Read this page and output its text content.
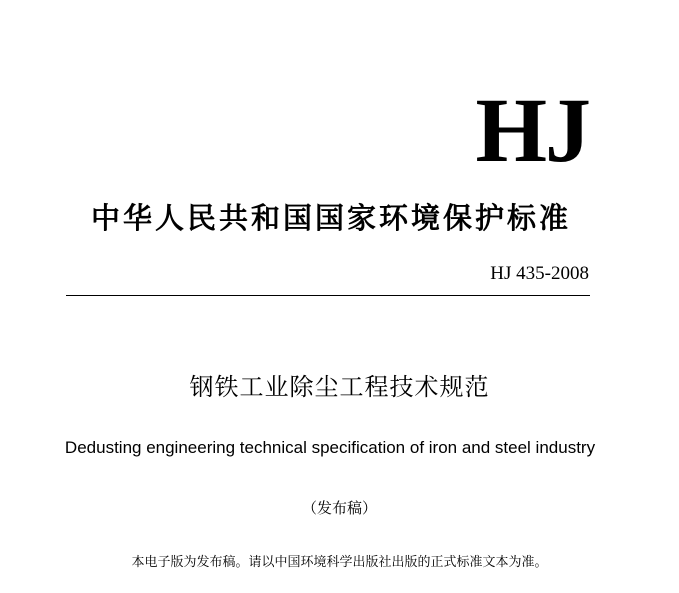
HJ
中华人民共和国国家环境保护标准
HJ 435-2008
钢铁工业除尘工程技术规范
Dedusting engineering technical specification of iron and steel industry
（发布稿）
本电子版为发布稿。请以中国环境科学出版社出版的正式标准文本为准。
